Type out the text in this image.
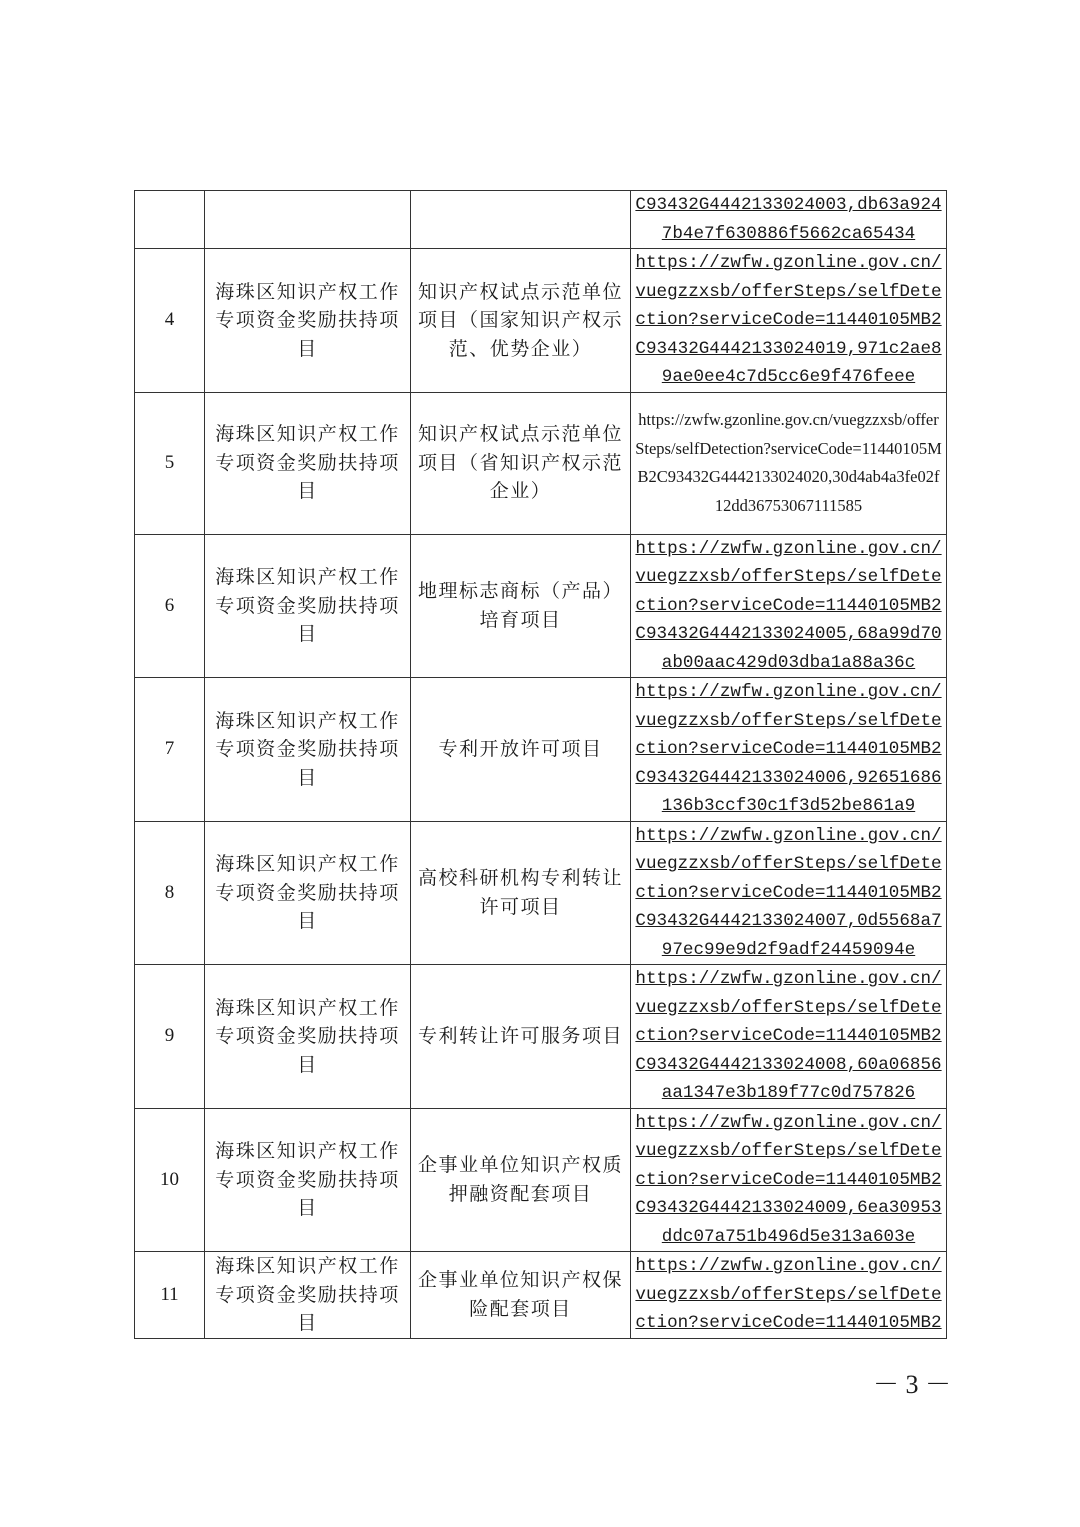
			C93432G4442133024003,db63a9247b4e7f630886f5662ca65434
4	海珠区知识产权工作专项资金奖励扶持项目	知识产权试点示范单位项目（国家知识产权示范、优势企业）	https://zwfw.gzonline.gov.cn/vuegzzxsb/offerSteps/selfDetection?serviceCode=11440105MB2C93432G4442133024019,971c2ae89ae0ee4c7d5cc6e9f476feee
5	海珠区知识产权工作专项资金奖励扶持项目	知识产权试点示范单位项目（省知识产权示范企业）	https://zwfw.gzonline.gov.cn/vuegzzxsb/offerSteps/selfDetection?serviceCode=11440105MB2C93432G4442133024020,30d4ab4a3fe02f12dd36753067111585
6	海珠区知识产权工作专项资金奖励扶持项目	地理标志商标（产品）培育项目	https://zwfw.gzonline.gov.cn/vuegzzxsb/offerSteps/selfDetection?serviceCode=11440105MB2C93432G4442133024005,68a99d70ab00aac429d03dba1a88a36c
7	海珠区知识产权工作专项资金奖励扶持项目	专利开放许可项目	https://zwfw.gzonline.gov.cn/vuegzzxsb/offerSteps/selfDetection?serviceCode=11440105MB2C93432G4442133024006,92651686136b3ccf30c1f3d52be861a9
8	海珠区知识产权工作专项资金奖励扶持项目	高校科研机构专利转让许可项目	https://zwfw.gzonline.gov.cn/vuegzzxsb/offerSteps/selfDetection?serviceCode=11440105MB2C93432G4442133024007,0d5568a797ec99e9d2f9adf24459094e
9	海珠区知识产权工作专项资金奖励扶持项目	专利转让许可服务项目	https://zwfw.gzonline.gov.cn/vuegzzxsb/offerSteps/selfDetection?serviceCode=11440105MB2C93432G4442133024008,60a06856aa1347e3b189f77c0d757826
10	海珠区知识产权工作专项资金奖励扶持项目	企事业单位知识产权质押融资配套项目	https://zwfw.gzonline.gov.cn/vuegzzxsb/offerSteps/selfDetection?serviceCode=11440105MB2C93432G4442133024009,6ea30953ddc07a751b496d5e313a603e
11	海珠区知识产权工作专项资金奖励扶持项目	企事业单位知识产权保险配套项目	https://zwfw.gzonline.gov.cn/vuegzzxsb/offerSteps/selfDetection?serviceCode=11440105MB2
－ 3 －
